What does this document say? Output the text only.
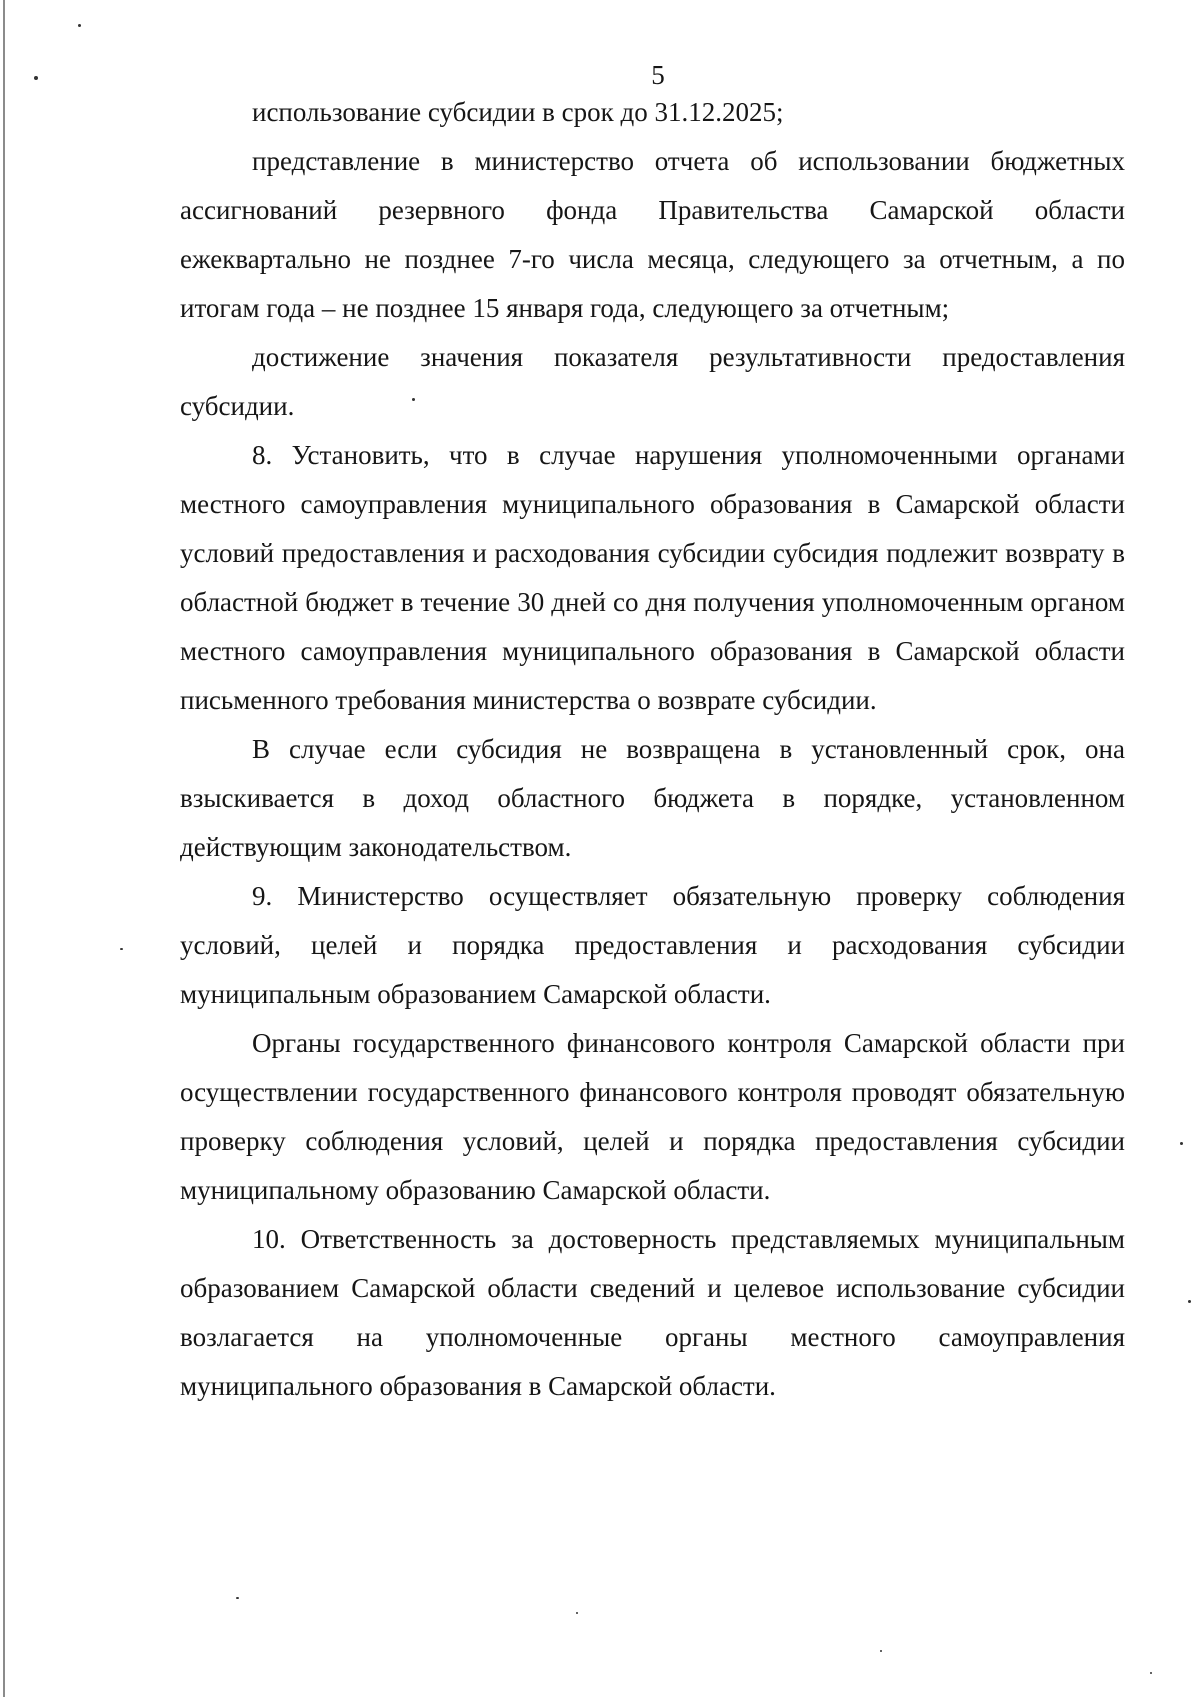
5

использование субсидии в срок до 31.12.2025;

представление в министерство отчета об использовании бюджетных ассигнований резервного фонда Правительства Самарской области ежеквартально не позднее 7-го числа месяца, следующего за отчетным, а по итогам года – не позднее 15 января года, следующего за отчетным;

достижение значения показателя результативности предоставления субсидии.

8. Установить, что в случае нарушения уполномоченными органами местного самоуправления муниципального образования в Самарской области условий предоставления и расходования субсидии субсидия подлежит возврату в областной бюджет в течение 30 дней со дня получения уполномоченным органом местного самоуправления муниципального образования в Самарской области письменного требования министерства о возврате субсидии.

В случае если субсидия не возвращена в установленный срок, она взыскивается в доход областного бюджета в порядке, установленном действующим законодательством.

9. Министерство осуществляет обязательную проверку соблюдения условий, целей и порядка предоставления и расходования субсидии муниципальным образованием Самарской области.

Органы государственного финансового контроля Самарской области при осуществлении государственного финансового контроля проводят обязательную проверку соблюдения условий, целей и порядка предоставления субсидии муниципальному образованию Самарской области.

10. Ответственность за достоверность представляемых муниципальным образованием Самарской области сведений и целевое использование субсидии возлагается на уполномоченные органы местного самоуправления муниципального образования в Самарской области.
